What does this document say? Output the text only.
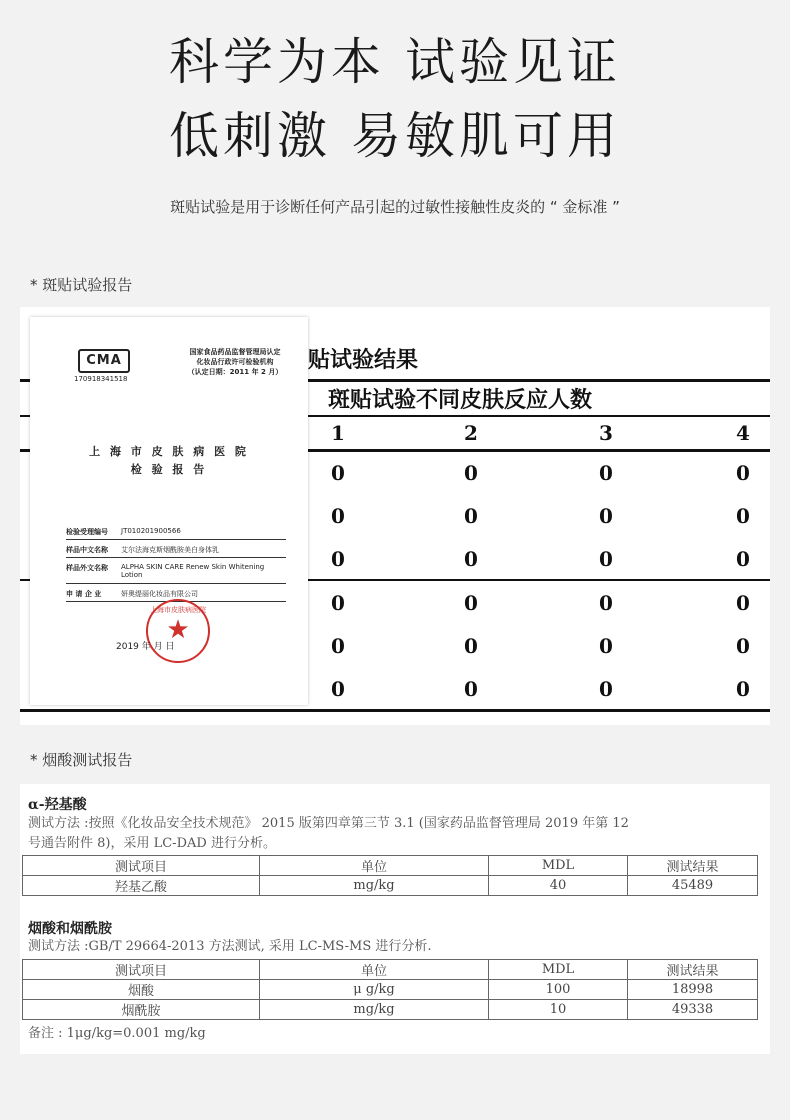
科学为本 试验见证
低刺激 易敏肌可用
斑贴试验是用于诊断任何产品引起的过敏性接触性皮炎的 “ 金标准 ”
* 斑贴试验报告
贴试验结果
斑贴试验不同皮肤反应人数
1	2	3	4
0	0	0	0
0	0	0	0
0	0	0	0
0	0	0	0
0	0	0	0
0	0	0	0
CMA
170918341518
国家食品药品监督管理局认定
化妆品行政许可检验机构
（认定日期：2011 年 2 月）
上 海 市 皮 肤 病 医 院
检 验 报 告
检验受理编号 JT010201900566
样品中文名称 艾尔法海克斯烟酰胺美白身体乳
样品外文名称 ALPHA SKIN CARE Renew Skin Whitening Lotion
申 请 企 业	妍奥缇丽化妆品有限公司
上海市皮肤病医院
★
2019 年 月 日
* 烟酸测试报告
α-羟基酸
测试方法 :按照《化妆品安全技术规范》 2015 版第四章第三节 3.1 (国家药品监督管理局 2019 年第 12
号通告附件 8)，采用 LC-DAD 进行分析。
测试项目	单位	MDL	测试结果
羟基乙酸	mg/kg	40	45489
烟酸和烟酰胺
测试方法 :GB/T 29664-2013 方法测试, 采用 LC-MS-MS 进行分析.
测试项目	单位	MDL	测试结果
烟酸	μ g/kg	100	18998
烟酰胺	mg/kg	10	49338
备注 : 1μg/kg=0.001 mg/kg
